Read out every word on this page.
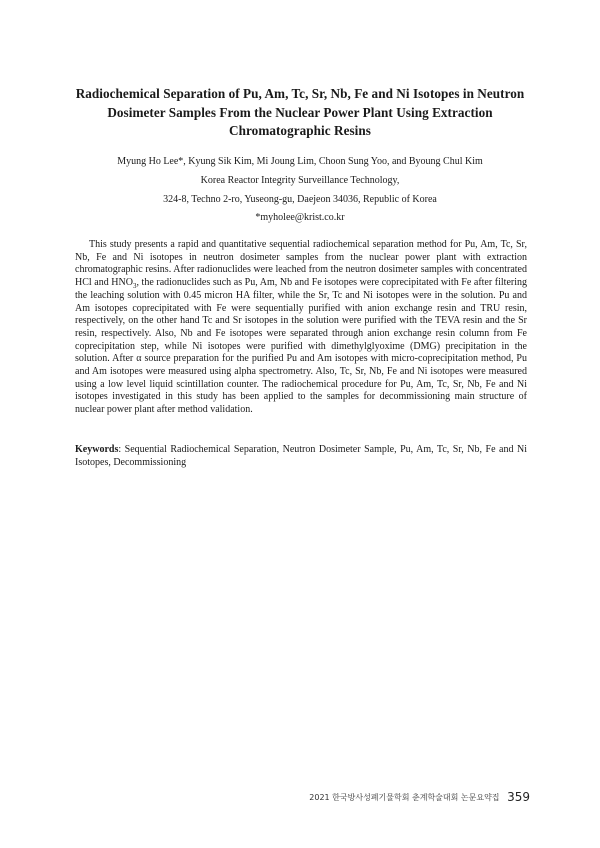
Radiochemical Separation of Pu, Am, Tc, Sr, Nb, Fe and Ni Isotopes in Neutron
Dosimeter Samples From the Nuclear Power Plant Using Extraction
Chromatographic Resins
Myung Ho Lee*, Kyung Sik Kim, Mi Joung Lim, Choon Sung Yoo, and Byoung Chul Kim
Korea Reactor Integrity Surveillance Technology,
324-8, Techno 2-ro, Yuseong-gu, Daejeon 34036, Republic of Korea
*myholee@krist.co.kr

This study presents a rapid and quantitative sequential radiochemical separation method for Pu, Am, Tc, Sr, Nb, Fe and Ni isotopes in neutron dosimeter samples from the nuclear power plant with extraction chromatographic resins. After radionuclides were leached from the neutron dosimeter samples with concentrated HCl and $HNO_3$, the radionuclides such as Pu, Am, Nb and Fe isotopes were coprecipitated with Fe after filtering the leaching solution with 0.45 micron HA filter, while the Sr, Tc and Ni isotopes were in the solution. Pu and Am isotopes coprecipitated with Fe were sequentially purified with anion exchange resin and TRU resin, respectively, on the other hand Tc and Sr isotopes in the solution were purified with the TEVA resin and the Sr resin, respectively. Also, Nb and Fe isotopes were separated through anion exchange resin column from Fe coprecipitation step, while Ni isotopes were purified with dimethylglyoxime (DMG) precipitation in the solution. After α source preparation for the purified Pu and Am isotopes with micro-coprecipitation method, Pu and Am isotopes were measured using alpha spectrometry. Also, Tc, Sr, Nb, Fe and Ni isotopes were measured using a low level liquid scintillation counter. The radiochemical procedure for Pu, Am, Tc, Sr, Nb, Fe and Ni isotopes investigated in this study has been applied to the samples for decommissioning main structure of nuclear power plant after method validation.

Keywords: Sequential Radiochemical Separation, Neutron Dosimeter Sample, Pu, Am, Tc, Sr, Nb, Fe and Ni Isotopes, Decommissioning

2021 한국방사성폐기물학회 춘계학술대회 논문요약집 359
